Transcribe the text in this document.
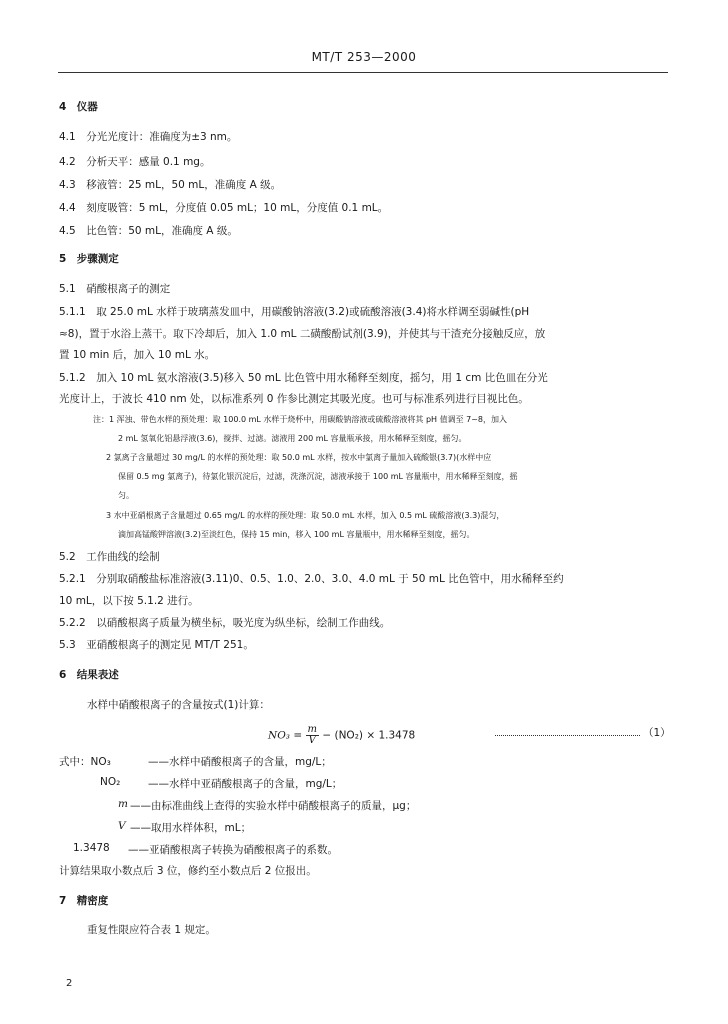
MT/T 253—2000
4　仪器
4.1　分光光度计：准确度为±3 nm。
4.2　分析天平：感量 0.1 mg。
4.3　移液管：25 mL，50 mL，准确度 A 级。
4.4　刻度吸管：5 mL，分度值 0.05 mL；10 mL，分度值 0.1 mL。
4.5　比色管：50 mL，准确度 A 级。
5　步骤测定
5.1　硝酸根离子的测定
5.1.1　取 25.0 mL 水样于玻璃蒸发皿中，用碳酸钠溶液(3.2)或硫酸溶液(3.4)将水样调至弱碱性(pH
≈8)，置于水浴上蒸干。取下冷却后，加入 1.0 mL 二磺酸酚试剂(3.9)，并使其与干渣充分接触反应，放
置 10 min 后，加入 10 mL 水。
5.1.2　加入 10 mL 氨水溶液(3.5)移入 50 mL 比色管中用水稀释至刻度，摇匀，用 1 cm 比色皿在分光
光度计上，于波长 410 nm 处，以标准系列 0 作参比测定其吸光度。也可与标准系列进行目视比色。
注：1 浑浊、带色水样的预处理：取 100.0 mL 水样于烧杯中，用碳酸钠溶液或硫酸溶液将其 pH 值调至 7~8，加入
2 mL 氢氧化铝悬浮液(3.6)，搅拌、过滤。滤液用 200 mL 容量瓶承接，用水稀释至刻度，摇匀。
2 氯离子含量超过 30 mg/L 的水样的预处理：取 50.0 mL 水样，按水中氯离子量加入硫酸银(3.7)(水样中应
保留 0.5 mg 氯离子)，待氯化银沉淀后，过滤，洗涤沉淀，滤液承接于 100 mL 容量瓶中，用水稀释至刻度，摇
匀。
3 水中亚硝根离子含量超过 0.65 mg/L 的水样的预处理：取 50.0 mL 水样，加入 0.5 mL 硫酸溶液(3.3)混匀，
滴加高锰酸钾溶液(3.2)至淡红色，保持 15 min，移入 100 mL 容量瓶中，用水稀释至刻度，摇匀。
5.2　工作曲线的绘制
5.2.1　分别取硝酸盐标准溶液(3.11)0、0.5、1.0、2.0、3.0、4.0 mL 于 50 mL 比色管中，用水稀释至约
10 mL，以下按 5.1.2 进行。
5.2.2　以硝酸根离子质量为横坐标，吸光度为纵坐标，绘制工作曲线。
5.3　亚硝酸根离子的测定见 MT/T 251。
6　结果表述
水样中硝酸根离子的含量按式(1)计算：
$NO_3 = \frac{m}{V} - (NO_2) \times 1.3478$	（1）
式中：NO₃	——水样中硝酸根离子的含量，mg/L；
NO₂	——水样中亚硝酸根离子的含量，mg/L；
m ——由标准曲线上查得的实验水样中硝酸根离子的质量，μg；
V ——取用水样体积，mL；
1.3478 ——亚硝酸根离子转换为硝酸根离子的系数。
计算结果取小数点后 3 位，修约至小数点后 2 位报出。
7　精密度
重复性限应符合表 1 规定。
2
